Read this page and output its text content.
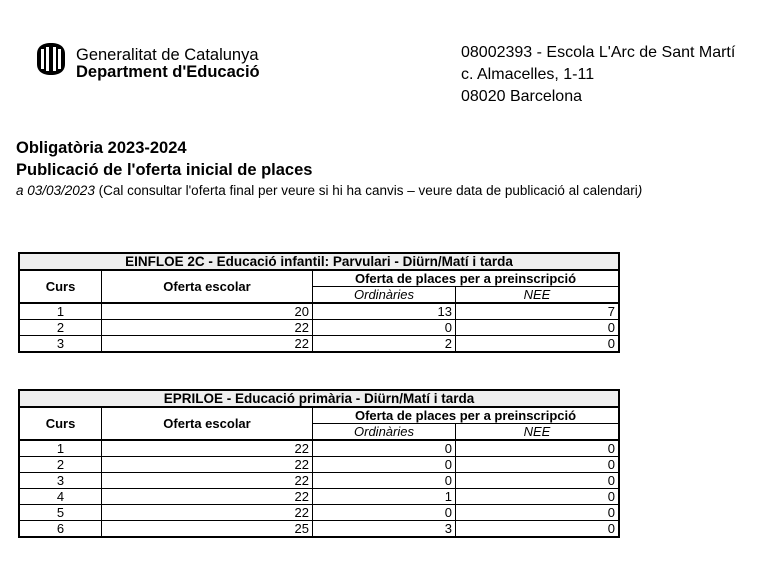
Generalitat de Catalunya
Department d'Educació
08002393 - Escola L'Arc de Sant Martí
c. Almacelles, 1-11
08020 Barcelona
Obligatòria 2023-2024
Publicació de l'oferta inicial de places
a 03/03/2023 (Cal consultar l'oferta final per veure si hi ha canvis – veure data de publicació al calendari)
EINFLOE 2C - Educació infantil: Parvulari - Diürn/Matí i tarda			
Curs	Oferta escolar	Oferta de places per a preinscripció	
		Ordinàries	NEE
1	20	13	7
2	22	0	0
3	22	2	0
EPRILOE - Educació primària - Diürn/Matí i tarda			
Curs	Oferta escolar	Oferta de places per a preinscripció	
		Ordinàries	NEE
1	22	0	0
2	22	0	0
3	22	0	0
4	22	1	0
5	22	0	0
6	25	3	0
